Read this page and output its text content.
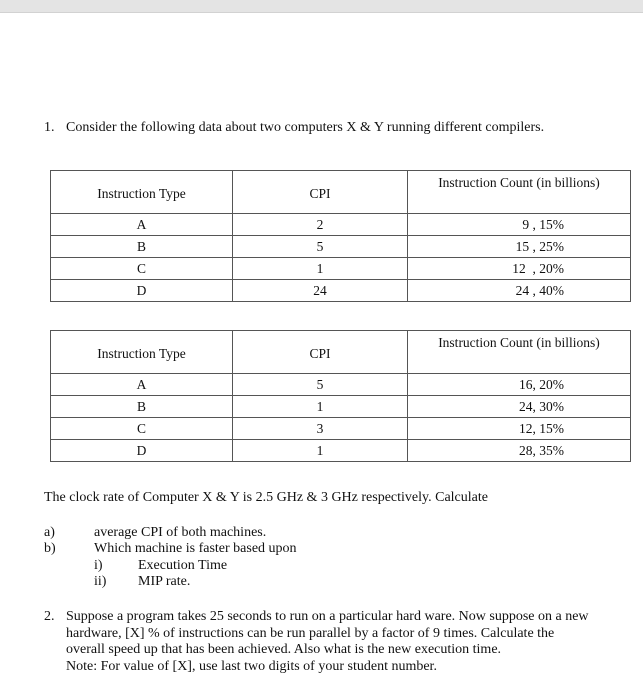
1. Consider the following data about two computers X & Y running different compilers.
Instruction Type	CPI	Instruction Count (in billions)
A	2	9 , 15%
B	5	15 , 25%
C	1	12  , 20%
D	24	24 , 40%
Instruction Type	CPI	Instruction Count (in billions)
A	5	16, 20%
B	1	24, 30%
C	3	12, 15%
D	1	28, 35%
The clock rate of Computer X & Y is 2.5 GHz & 3 GHz respectively. Calculate
a)	average CPI of both machines.
b)	Which machine is faster based upon
i)	Execution Time
ii) MIP rate.
2. Suppose a program takes 25 seconds to run on a particular hard ware. Now suppose on a new
hardware, [X] % of instructions can be run parallel by a factor of 9 times. Calculate the
overall speed up that has been achieved. Also what is the new execution time.
Note: For value of [X], use last two digits of your student number.
